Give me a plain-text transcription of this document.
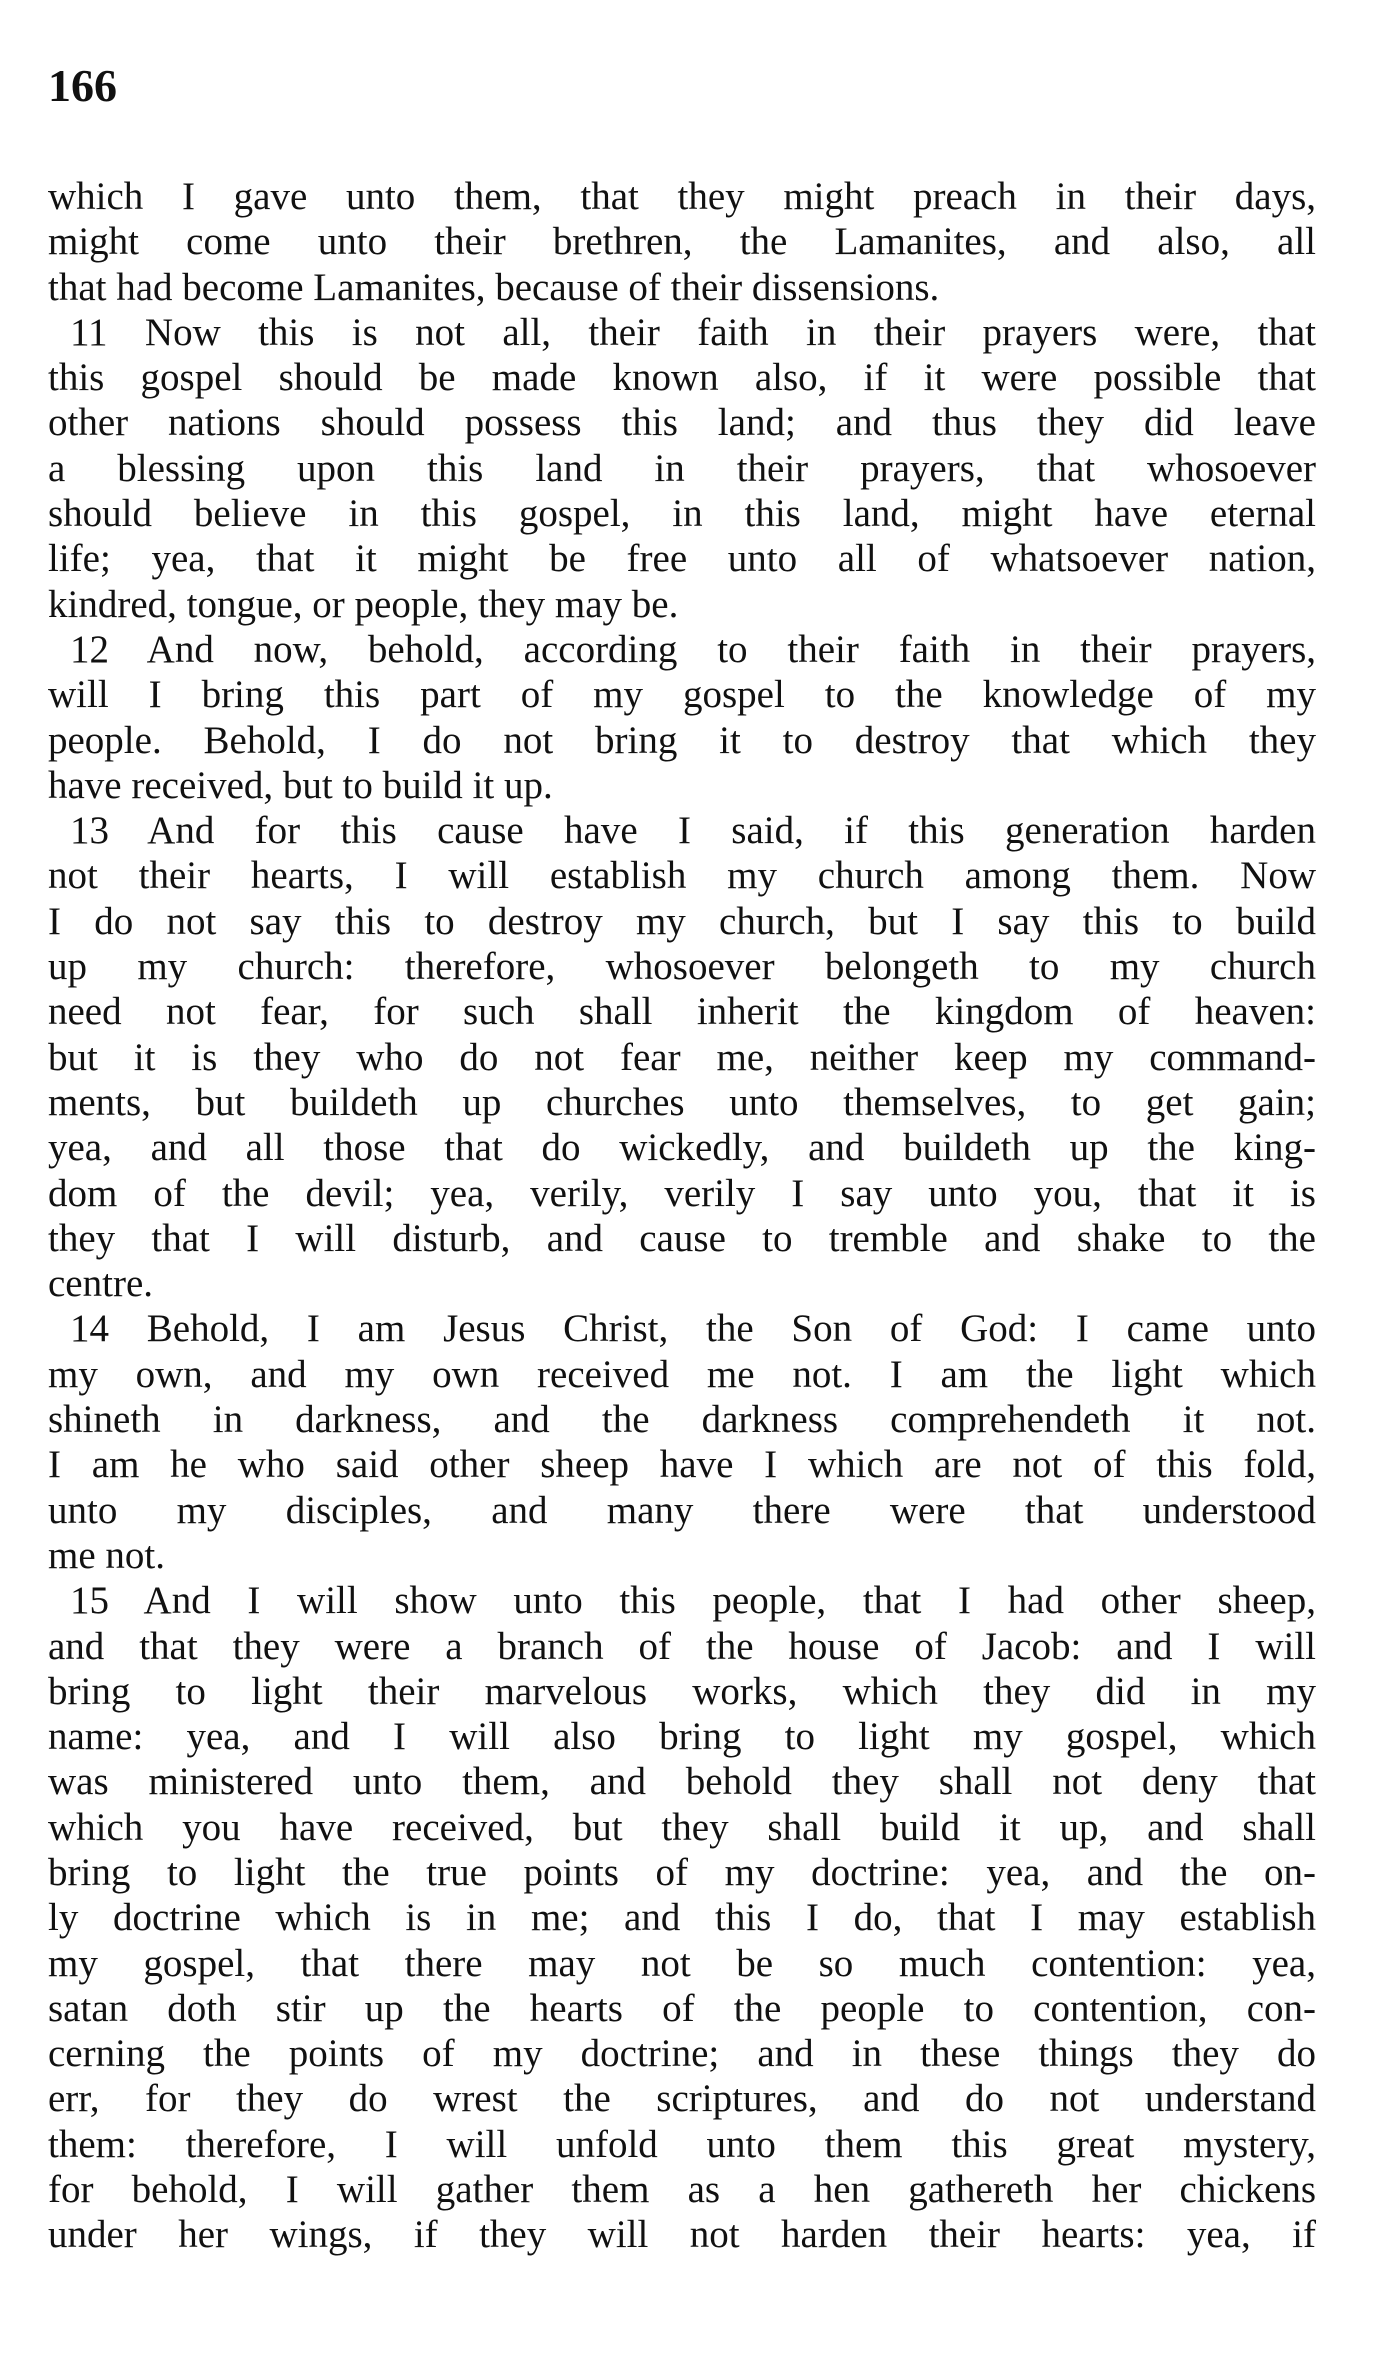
166
which I gave unto them, that they might preach in their days,
might come unto their brethren, the Lamanites, and also, all
that had become Lamanites, because of their dissensions.
11 Now this is not all, their faith in their prayers were, that
this gospel should be made known also, if it were possible that
other nations should possess this land; and thus they did leave
a blessing upon this land in their prayers, that whosoever
should believe in this gospel, in this land, might have eternal
life; yea, that it might be free unto all of whatsoever nation,
kindred, tongue, or people, they may be.
12 And now, behold, according to their faith in their prayers,
will I bring this part of my gospel to the knowledge of my
people. Behold, I do not bring it to destroy that which they
have received, but to build it up.
13 And for this cause have I said, if this generation harden
not their hearts, I will establish my church among them. Now
I do not say this to destroy my church, but I say this to build
up my church: therefore, whosoever belongeth to my church
need not fear, for such shall inherit the kingdom of heaven:
but it is they who do not fear me, neither keep my command-
ments, but buildeth up churches unto themselves, to get gain;
yea, and all those that do wickedly, and buildeth up the king-
dom of the devil; yea, verily, verily I say unto you, that it is
they that I will disturb, and cause to tremble and shake to the
centre.
14 Behold, I am Jesus Christ, the Son of God: I came unto
my own, and my own received me not. I am the light which
shineth in darkness, and the darkness comprehendeth it not.
I am he who said other sheep have I which are not of this fold,
unto my disciples, and many there were that understood
me not.
15 And I will show unto this people, that I had other sheep,
and that they were a branch of the house of Jacob: and I will
bring to light their marvelous works, which they did in my
name: yea, and I will also bring to light my gospel, which
was ministered unto them, and behold they shall not deny that
which you have received, but they shall build it up, and shall
bring to light the true points of my doctrine: yea, and the on-
ly doctrine which is in me; and this I do, that I may establish
my gospel, that there may not be so much contention: yea,
satan doth stir up the hearts of the people to contention, con-
cerning the points of my doctrine; and in these things they do
err, for they do wrest the scriptures, and do not understand
them: therefore, I will unfold unto them this great mystery,
for behold, I will gather them as a hen gathereth her chickens
under her wings, if they will not harden their hearts: yea, if
